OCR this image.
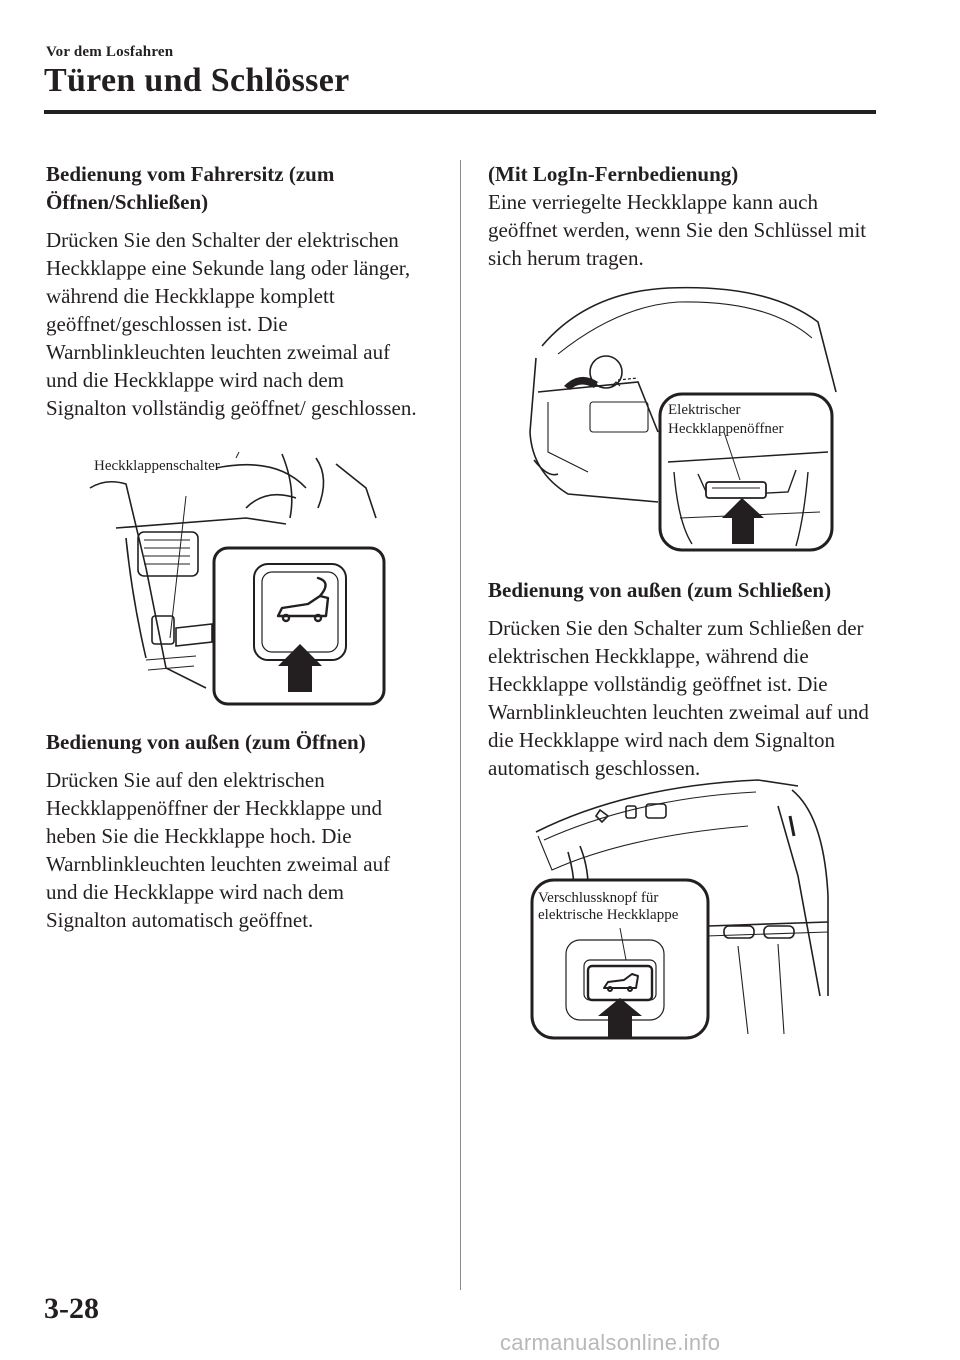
Vor dem Losfahren
Türen und Schlösser

Bedienung vom Fahrersitz (zum Öffnen/Schließen)

Drücken Sie den Schalter der elektrischen Heckklappe eine Sekunde lang oder länger, während die Heckklappe komplett geöffnet/geschlossen ist. Die Warnblinkleuchten leuchten zweimal auf und die Heckklappe wird nach dem Signalton vollständig geöffnet/ geschlossen.

Heckklappenschalter

Bedienung von außen (zum Öffnen)

Drücken Sie auf den elektrischen Heckklappenöffner der Heckklappe und heben Sie die Heckklappe hoch. Die Warnblinkleuchten leuchten zweimal auf und die Heckklappe wird nach dem Signalton automatisch geöffnet.

(Mit LogIn-Fernbedienung)

Eine verriegelte Heckklappe kann auch geöffnet werden, wenn Sie den Schlüssel mit sich herum tragen.

Elektrischer
Heckklappenöffner

Bedienung von außen (zum Schließen)

Drücken Sie den Schalter zum Schließen der elektrischen Heckklappe, während die Heckklappe vollständig geöffnet ist. Die Warnblinkleuchten leuchten zweimal auf und die Heckklappe wird nach dem Signalton automatisch geschlossen.

Verschlussknopf für
elektrische Heckklappe
3-28
carmanualsonline.info
